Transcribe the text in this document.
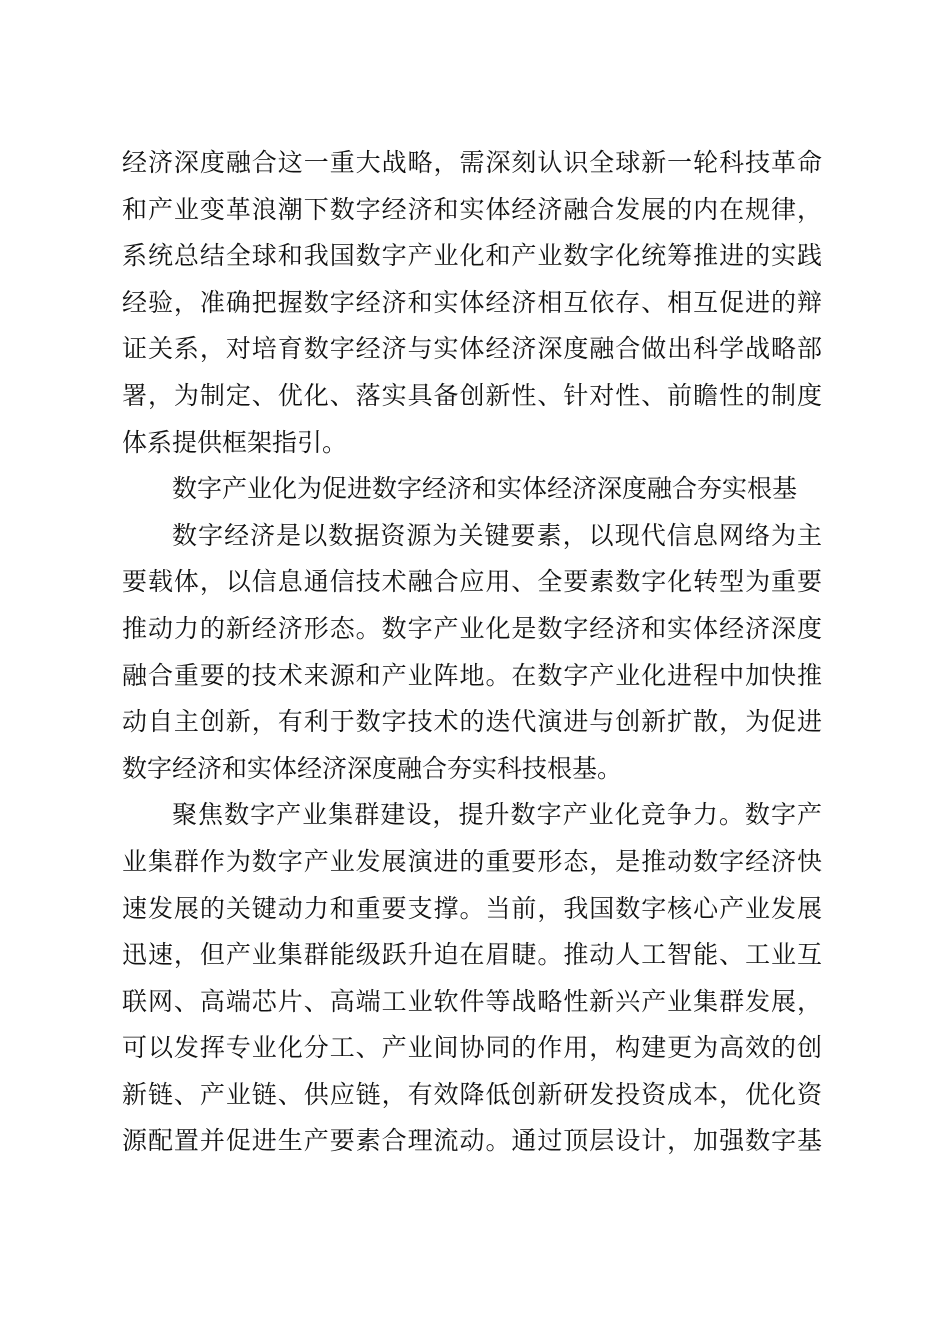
经济深度融合这一重大战略，需深刻认识全球新一轮科技革命
和产业变革浪潮下数字经济和实体经济融合发展的内在规律，
系统总结全球和我国数字产业化和产业数字化统筹推进的实践
经验，准确把握数字经济和实体经济相互依存、相互促进的辩
证关系，对培育数字经济与实体经济深度融合做出科学战略部
署，为制定、优化、落实具备创新性、针对性、前瞻性的制度
体系提供框架指引。
数字产业化为促进数字经济和实体经济深度融合夯实根基
数字经济是以数据资源为关键要素，以现代信息网络为主
要载体，以信息通信技术融合应用、全要素数字化转型为重要
推动力的新经济形态。数字产业化是数字经济和实体经济深度
融合重要的技术来源和产业阵地。在数字产业化进程中加快推
动自主创新，有利于数字技术的迭代演进与创新扩散，为促进
数字经济和实体经济深度融合夯实科技根基。
聚焦数字产业集群建设，提升数字产业化竞争力。数字产
业集群作为数字产业发展演进的重要形态，是推动数字经济快
速发展的关键动力和重要支撑。当前，我国数字核心产业发展
迅速，但产业集群能级跃升迫在眉睫。推动人工智能、工业互
联网、高端芯片、高端工业软件等战略性新兴产业集群发展，
可以发挥专业化分工、产业间协同的作用，构建更为高效的创
新链、产业链、供应链，有效降低创新研发投资成本，优化资
源配置并促进生产要素合理流动。通过顶层设计，加强数字基
